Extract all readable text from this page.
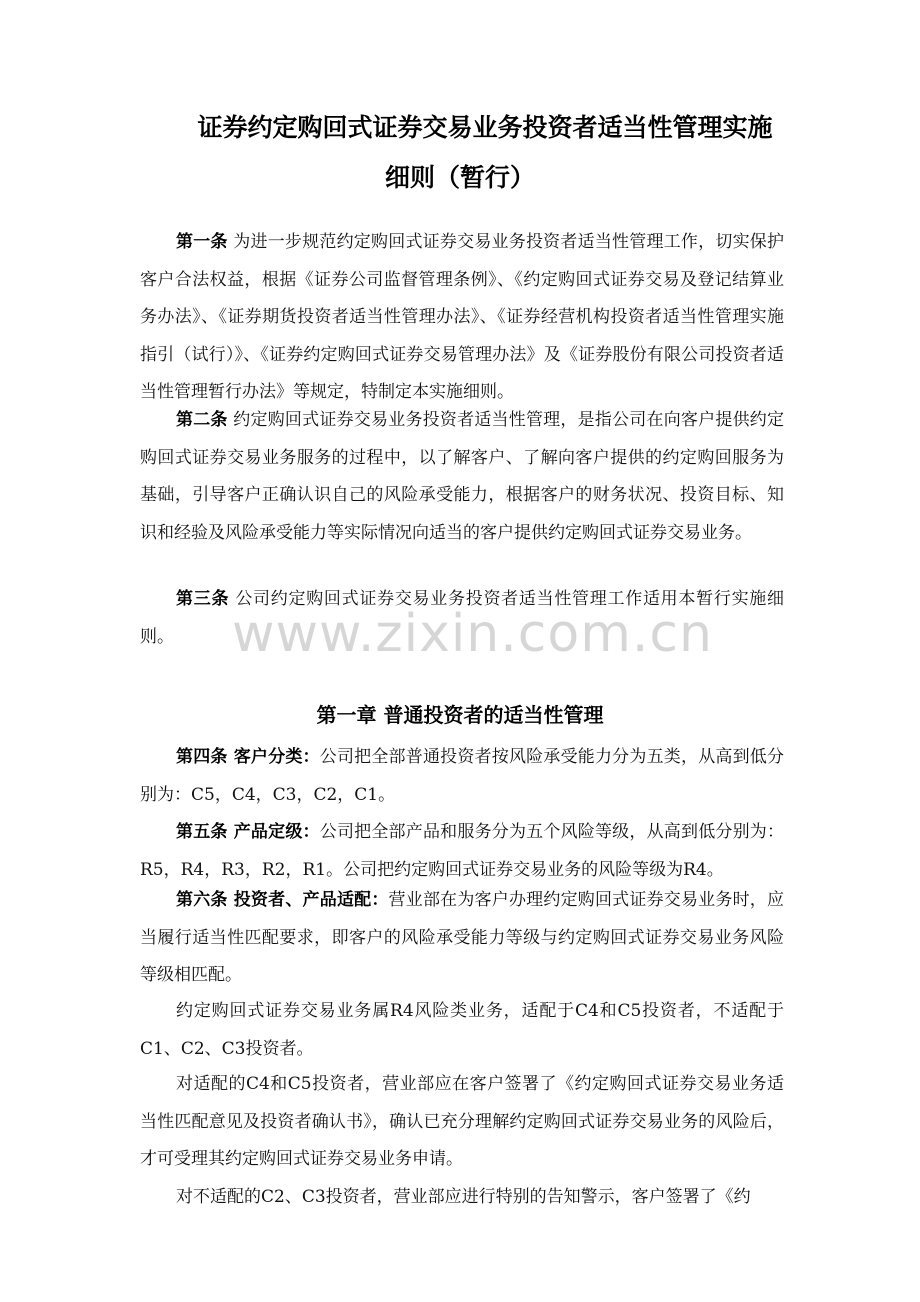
证券约定购回式证券交易业务投资者适当性管理实施
细则（暂行）

第一条 为进一步规范约定购回式证券交易业务投资者适当性管理工作，切实保护客户合法权益，根据《证券公司监督管理条例》、《约定购回式证券交易及登记结算业务办法》、《证券期货投资者适当性管理办法》、《证券经营机构投资者适当性管理实施指引（试行）》、《证券约定购回式证券交易管理办法》及《证券股份有限公司投资者适当性管理暂行办法》等规定，特制定本实施细则。

第二条 约定购回式证券交易业务投资者适当性管理，是指公司在向客户提供约定购回式证券交易业务服务的过程中，以了解客户、了解向客户提供的约定购回服务为基础，引导客户正确认识自己的风险承受能力，根据客户的财务状况、投资目标、知识和经验及风险承受能力等实际情况向适当的客户提供约定购回式证券交易业务。

第三条 公司约定购回式证券交易业务投资者适当性管理工作适用本暂行实施细则。	www.zixin.com.cn
第一章 普通投资者的适当性管理

第四条 客户分类：公司把全部普通投资者按风险承受能力分为五类，从高到低分别为：C5，C4，C3，C2，C1。

第五条 产品定级：公司把全部产品和服务分为五个风险等级，从高到低分别为：R5，R4，R3，R2，R1。公司把约定购回式证券交易业务的风险等级为R4。

第六条 投资者、产品适配：营业部在为客户办理约定购回式证券交易业务时，应当履行适当性匹配要求，即客户的风险承受能力等级与约定购回式证券交易业务风险等级相匹配。

约定购回式证券交易业务属R4风险类业务，适配于C4和C5投资者，不适配于C1、C2、C3投资者。

对适配的C4和C5投资者，营业部应在客户签署了《约定购回式证券交易业务适当性匹配意见及投资者确认书》，确认已充分理解约定购回式证券交易业务的风险后，才可受理其约定购回式证券交易业务申请。

对不适配的C2、C3投资者，营业部应进行特别的告知警示，客户签署了《约
